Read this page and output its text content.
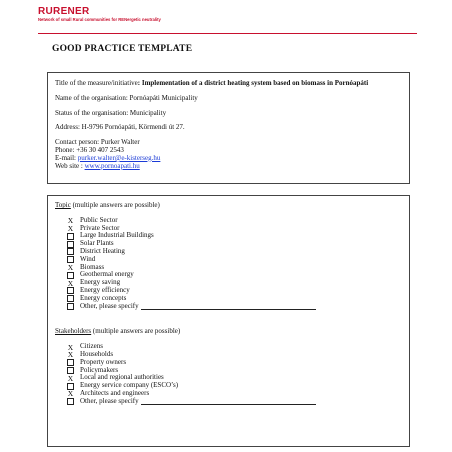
RURENER
Network of small Rural communities for RENergetic neutrality
GOOD PRACTICE TEMPLATE
Title of the measure/initiative: Implementation of a district heating system based on biomass in Pornóapáti
Name of the organisation: Pornóapáti Municipality
Status of the organisation: Municipality
Address: H-9796 Pornóapáti, Körmendi út 27.
Contact person: Purker Walter
Phone: +36 30 407 2543
E-mail: purker.walter@e-kisterseg.hu
Web site : www.pornoapati.hu
Topic (multiple answers are possible)
X Public Sector
X Private Sector
Large Industrial Buildings
Solar Plants
District Heating
Wind
X Biomass
Geothermal energy
X Energy saving
Energy efficiency
Energy concepts
Other, please specify
Stakeholders (multiple answers are possible)
X Citizens
X Households
Property owners
Policymakers
X Local and regional authorities
Energy service company (ESCO’s)
X Architects and engineers
Other, please specify
